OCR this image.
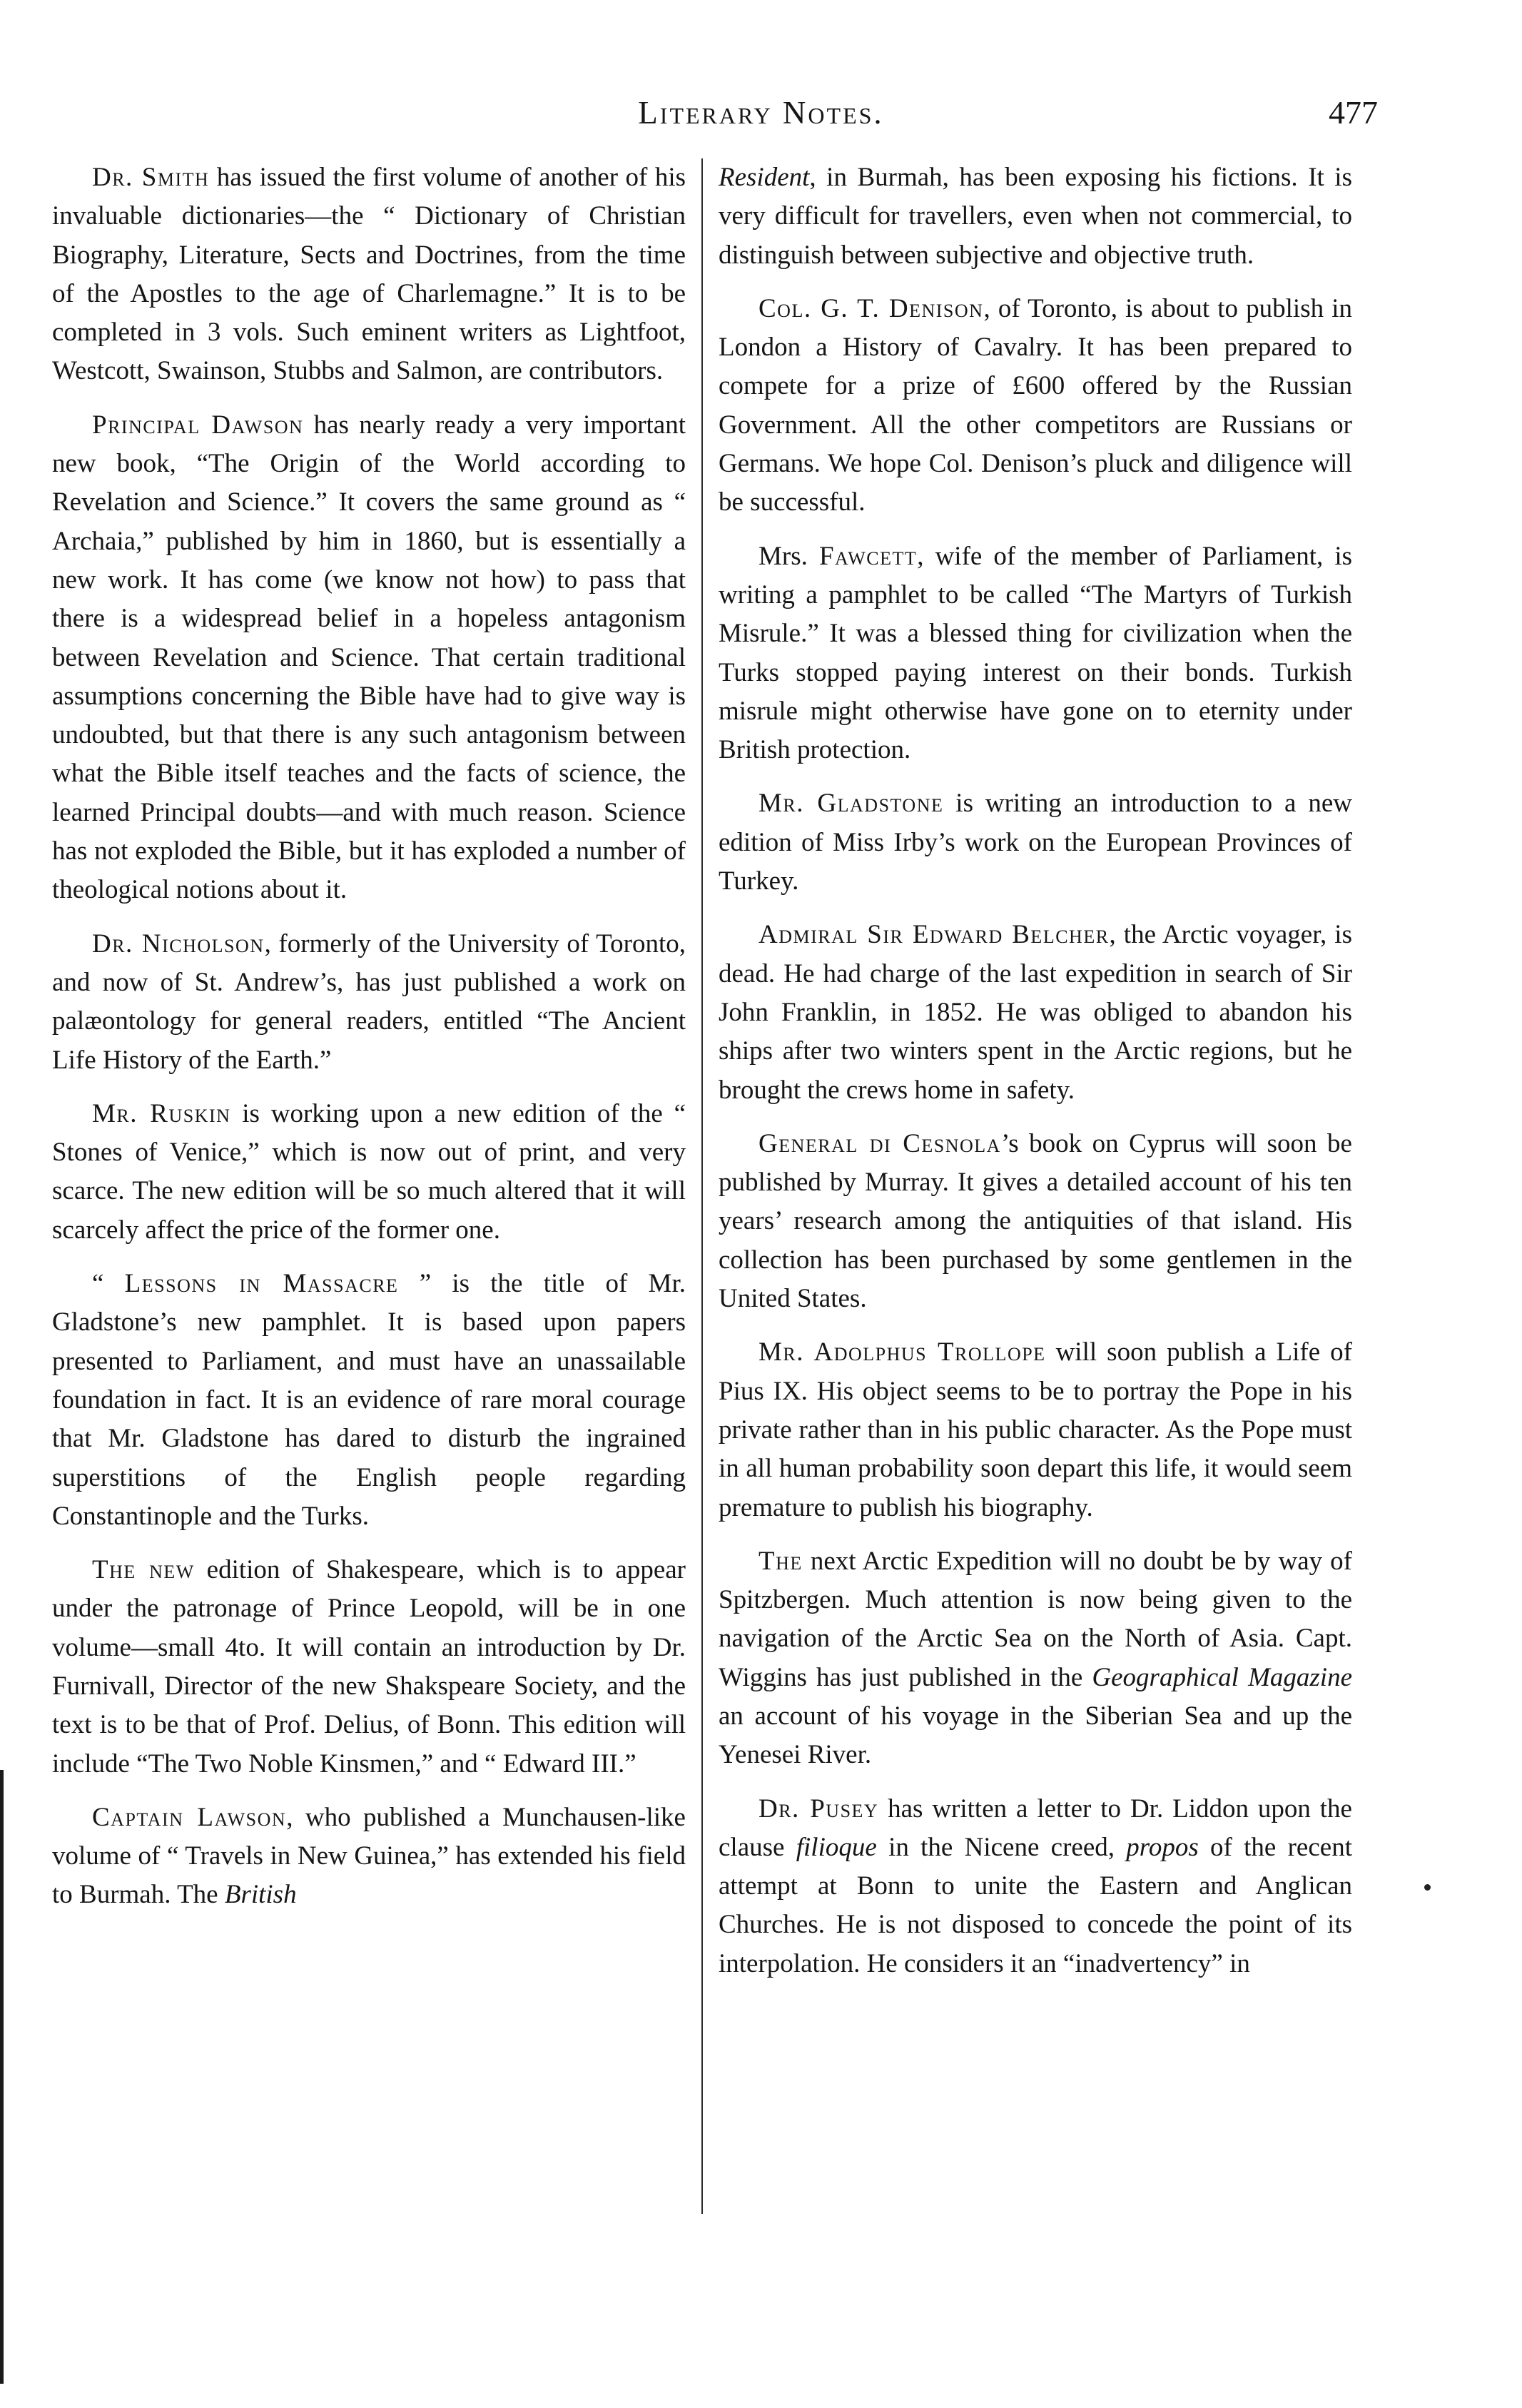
Literary Notes.	477

Dr. Smith has issued the first volume of another of his invaluable dictionaries—the “ Dictionary of Christian Biography, Literature, Sects and Doctrines, from the time of the Apostles to the age of Charlemagne.” It is to be completed in 3 vols. Such eminent writers as Lightfoot, Westcott, Swainson, Stubbs and Salmon, are contributors.

Principal Dawson has nearly ready a very important new book, “The Origin of the World according to Revelation and Science.” It covers the same ground as “ Archaia,” published by him in 1860, but is essentially a new work. It has come (we know not how) to pass that there is a widespread belief in a hopeless antagonism between Revelation and Science. That certain traditional assumptions concerning the Bible have had to give way is undoubted, but that there is any such antagonism between what the Bible itself teaches and the facts of science, the learned Principal doubts—and with much reason. Science has not exploded the Bible, but it has exploded a number of theological notions about it.

Dr. Nicholson, formerly of the University of Toronto, and now of St. Andrew’s, has just published a work on palæontology for general readers, entitled “The Ancient Life History of the Earth.”

Mr. Ruskin is working upon a new edition of the “ Stones of Venice,” which is now out of print, and very scarce. The new edition will be so much altered that it will scarcely affect the price of the former one.

“ Lessons in Massacre ” is the title of Mr. Gladstone’s new pamphlet. It is based upon papers presented to Parliament, and must have an unassailable foundation in fact. It is an evidence of rare moral courage that Mr. Gladstone has dared to disturb the ingrained superstitions of the English people regarding Constantinople and the Turks.

The new edition of Shakespeare, which is to appear under the patronage of Prince Leopold, will be in one volume—small 4to. It will contain an introduction by Dr. Furnivall, Director of the new Shakspeare Society, and the text is to be that of Prof. Delius, of Bonn. This edition will include “The Two Noble Kinsmen,” and “ Edward III.”

Captain Lawson, who published a Munchausen-like volume of “ Travels in New Guinea,” has extended his field to Burmah. The British

Resident, in Burmah, has been exposing his fictions. It is very difficult for travellers, even when not commercial, to distinguish between subjective and objective truth.

Col. G. T. Denison, of Toronto, is about to publish in London a History of Cavalry. It has been prepared to compete for a prize of £600 offered by the Russian Government. All the other competitors are Russians or Germans. We hope Col. Denison’s pluck and diligence will be successful.

Mrs. Fawcett, wife of the member of Parliament, is writing a pamphlet to be called “The Martyrs of Turkish Misrule.” It was a blessed thing for civilization when the Turks stopped paying interest on their bonds. Turkish misrule might otherwise have gone on to eternity under British protection.

Mr. Gladstone is writing an introduction to a new edition of Miss Irby’s work on the European Provinces of Turkey.

Admiral Sir Edward Belcher, the Arctic voyager, is dead. He had charge of the last expedition in search of Sir John Franklin, in 1852. He was obliged to abandon his ships after two winters spent in the Arctic regions, but he brought the crews home in safety.

General di Cesnola’s book on Cyprus will soon be published by Murray. It gives a detailed account of his ten years’ research among the antiquities of that island. His collection has been purchased by some gentlemen in the United States.

Mr. Adolphus Trollope will soon publish a Life of Pius IX. His object seems to be to portray the Pope in his private rather than in his public character. As the Pope must in all human probability soon depart this life, it would seem premature to publish his biography.

The next Arctic Expedition will no doubt be by way of Spitzbergen. Much attention is now being given to the navigation of the Arctic Sea on the North of Asia. Capt. Wiggins has just published in the Geographical Magazine an account of his voyage in the Siberian Sea and up the Yenesei River.

Dr. Pusey has written a letter to Dr. Liddon upon the clause filioque in the Nicene creed, propos of the recent attempt at Bonn to unite the Eastern and Anglican Churches. He is not disposed to concede the point of its interpolation. He considers it an “inadvertency” in
